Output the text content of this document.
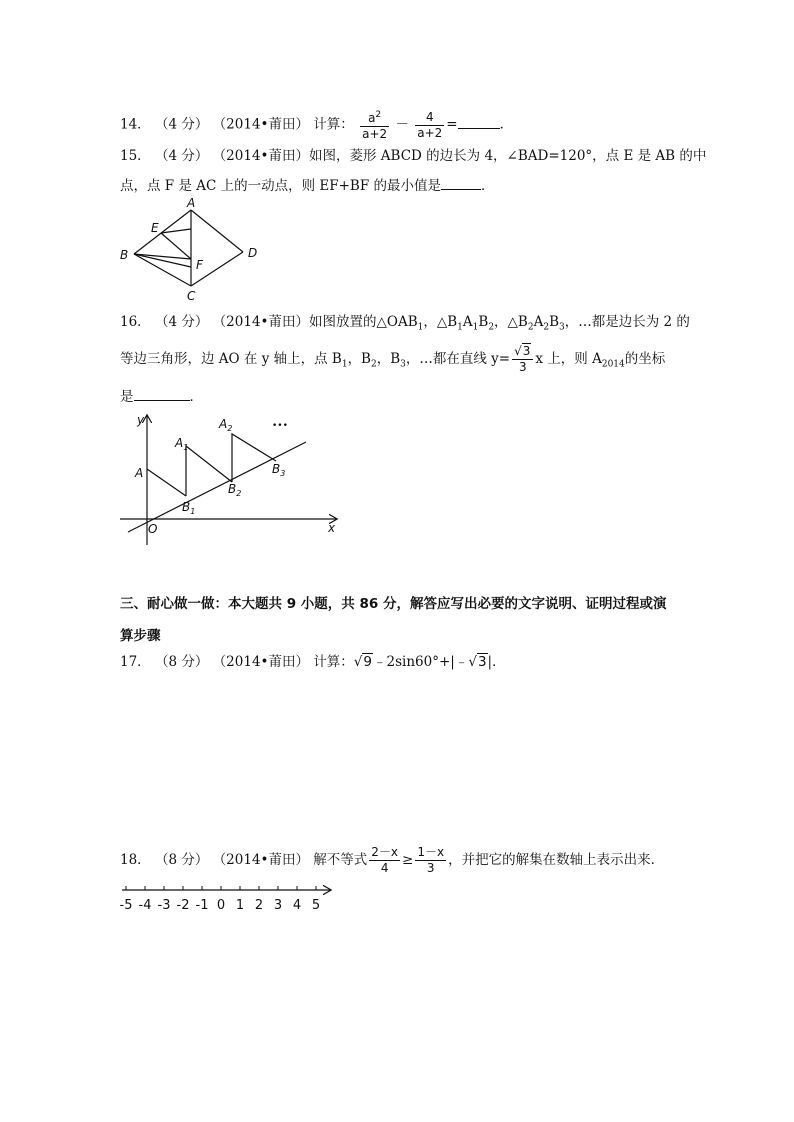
14． （4 分） （2014•莆田） 计算： $\frac{a^2}{a+2} - \frac{4}{a+2}$ =	．
15． （4 分） （2014•莆田）如图，菱形 ABCD 的边长为 4，∠BAD=120°，点 E 是 AB 的中
点，点 F 是 AC 上的一动点，则 EF+BF 的最小值是	．
A
E
B
F
D
C
16． （4 分） （2014•莆田）如图放置的$\triangle OAB_1$，$\triangle B_1A_1B_2$，$\triangle B_2A_2B_3$，…都是边长为 2 的
等边三角形，边 AO 在 y 轴上，点 $B_1$，$B_2$，$B_3$，…都在直线 $y= \frac{√3}{3}$ x 上，则 $A_{2014}$的坐标
是	．
y
x
O
A
$A_1$
$A_2$
$B_1$
$B_2$
$B_3$
•••
三、耐心做一做：本大题共 9 小题，共 86 分，解答应写出必要的文字说明、证明过程或演
算步骤
17． （8 分） （2014•莆田） 计算：√9﹣2sin60°+|﹣√3|．
18． （8 分） （2014•莆田） 解不等式 $\frac{2-x}{4} \ge \frac{1-x}{3}$ ，并把它的解集在数轴上表示出来．
-5 -4 -3 -2 -1 0 1 2 3 4 5
